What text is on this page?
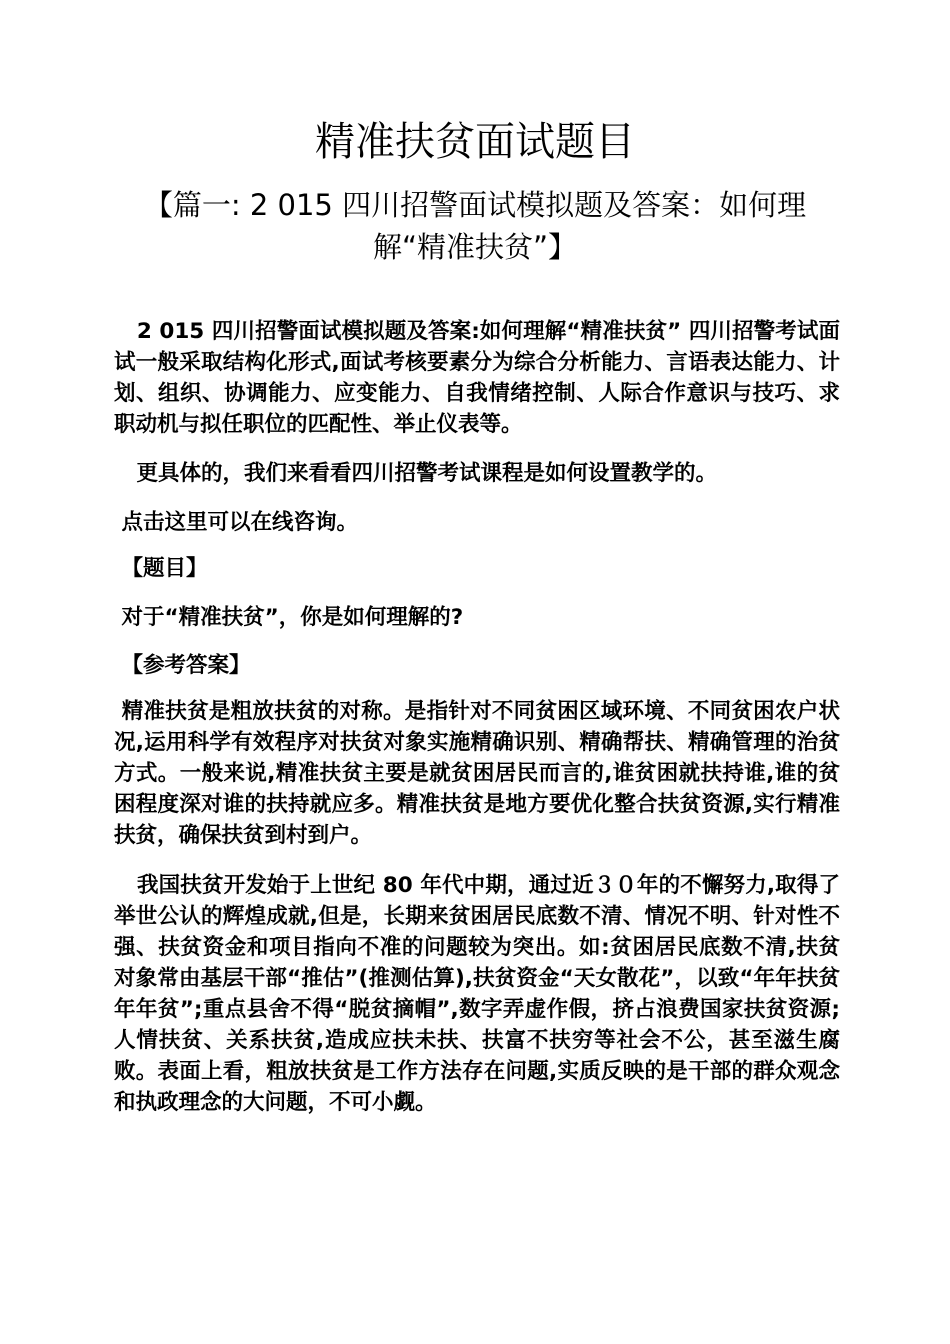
精准扶贫面试题目
【篇一: 2 015 四川招警面试模拟题及答案：如何理解“精准扶贫”】

2 015 四川招警面试模拟题及答案:如何理解“精准扶贫” 四川招警考试面试一般采取结构化形式,面试考核要素分为综合分析能力、言语表达能力、计划、组织、协调能力、应变能力、自我情绪控制、人际合作意识与技巧、求职动机与拟任职位的匹配性、举止仪表等。

更具体的，我们来看看四川招警考试课程是如何设置教学的。

点击这里可以在线咨询。

【题目】

对于“精准扶贫”，你是如何理解的?

【参考答案】

精准扶贫是粗放扶贫的对称。是指针对不同贫困区域环境、不同贫困农户状况,运用科学有效程序对扶贫对象实施精确识别、精确帮扶、精确管理的治贫方式。一般来说,精准扶贫主要是就贫困居民而言的,谁贫困就扶持谁,谁的贫困程度深对谁的扶持就应多。精准扶贫是地方要优化整合扶贫资源,实行精准扶贫，确保扶贫到村到户。

我国扶贫开发始于上世纪 80 年代中期，通过近３０年的不懈努力,取得了举世公认的辉煌成就,但是，长期来贫困居民底数不清、情况不明、针对性不强、扶贫资金和项目指向不准的问题较为突出。如:贫困居民底数不清,扶贫对象常由基层干部“推估”(推测估算),扶贫资金“天女散花”，以致“年年扶贫年年贫”;重点县舍不得“脱贫摘帽”,数字弄虚作假，挤占浪费国家扶贫资源;人情扶贫、关系扶贫,造成应扶未扶、扶富不扶穷等社会不公，甚至滋生腐败。表面上看，粗放扶贫是工作方法存在问题,实质反映的是干部的群众观念和执政理念的大问题，不可小觑。
